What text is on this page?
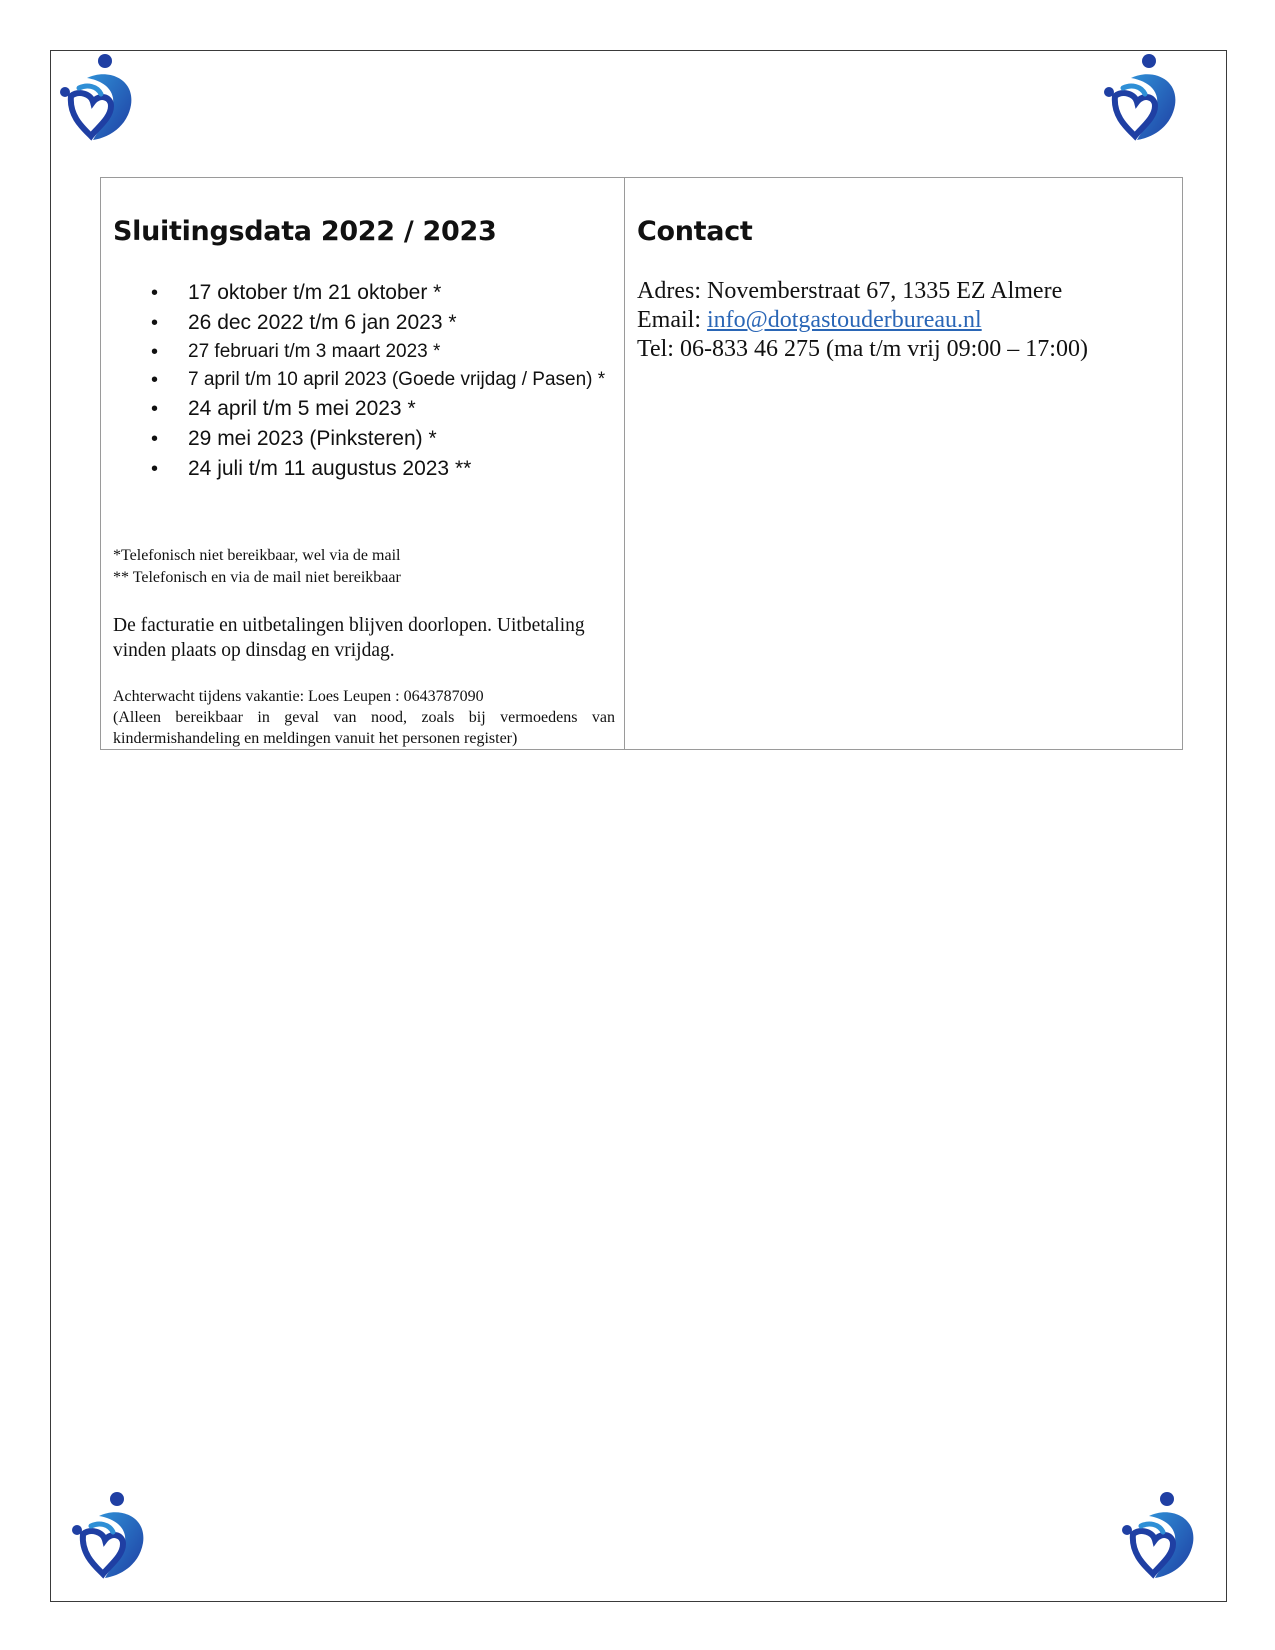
Sluitingsdata 2022 / 2023
• 17 oktober t/m 21 oktober *
• 26 dec 2022 t/m 6 jan 2023 *
• 27 februari t/m 3 maart 2023 *
• 7 april t/m 10 april 2023 (Goede vrijdag / Pasen) *
• 24 april t/m 5 mei 2023 *
• 29 mei 2023 (Pinksteren) *
• 24 juli t/m 11 augustus 2023 **
*Telefonisch niet bereikbaar, wel via de mail
** Telefonisch en via de mail niet bereikbaar
De facturatie en uitbetalingen blijven doorlopen. Uitbetaling vinden plaats op dinsdag en vrijdag.
Achterwacht tijdens vakantie: Loes Leupen : 0643787090
(Alleen bereikbaar in geval van nood, zoals bij vermoedens van
kindermishandeling en meldingen vanuit het personen register)
Contact
Adres: Novemberstraat 67, 1335 EZ Almere
Email: info@dotgastouderbureau.nl
Tel: 06-833 46 275 (ma t/m vrij 09:00 – 17:00)
